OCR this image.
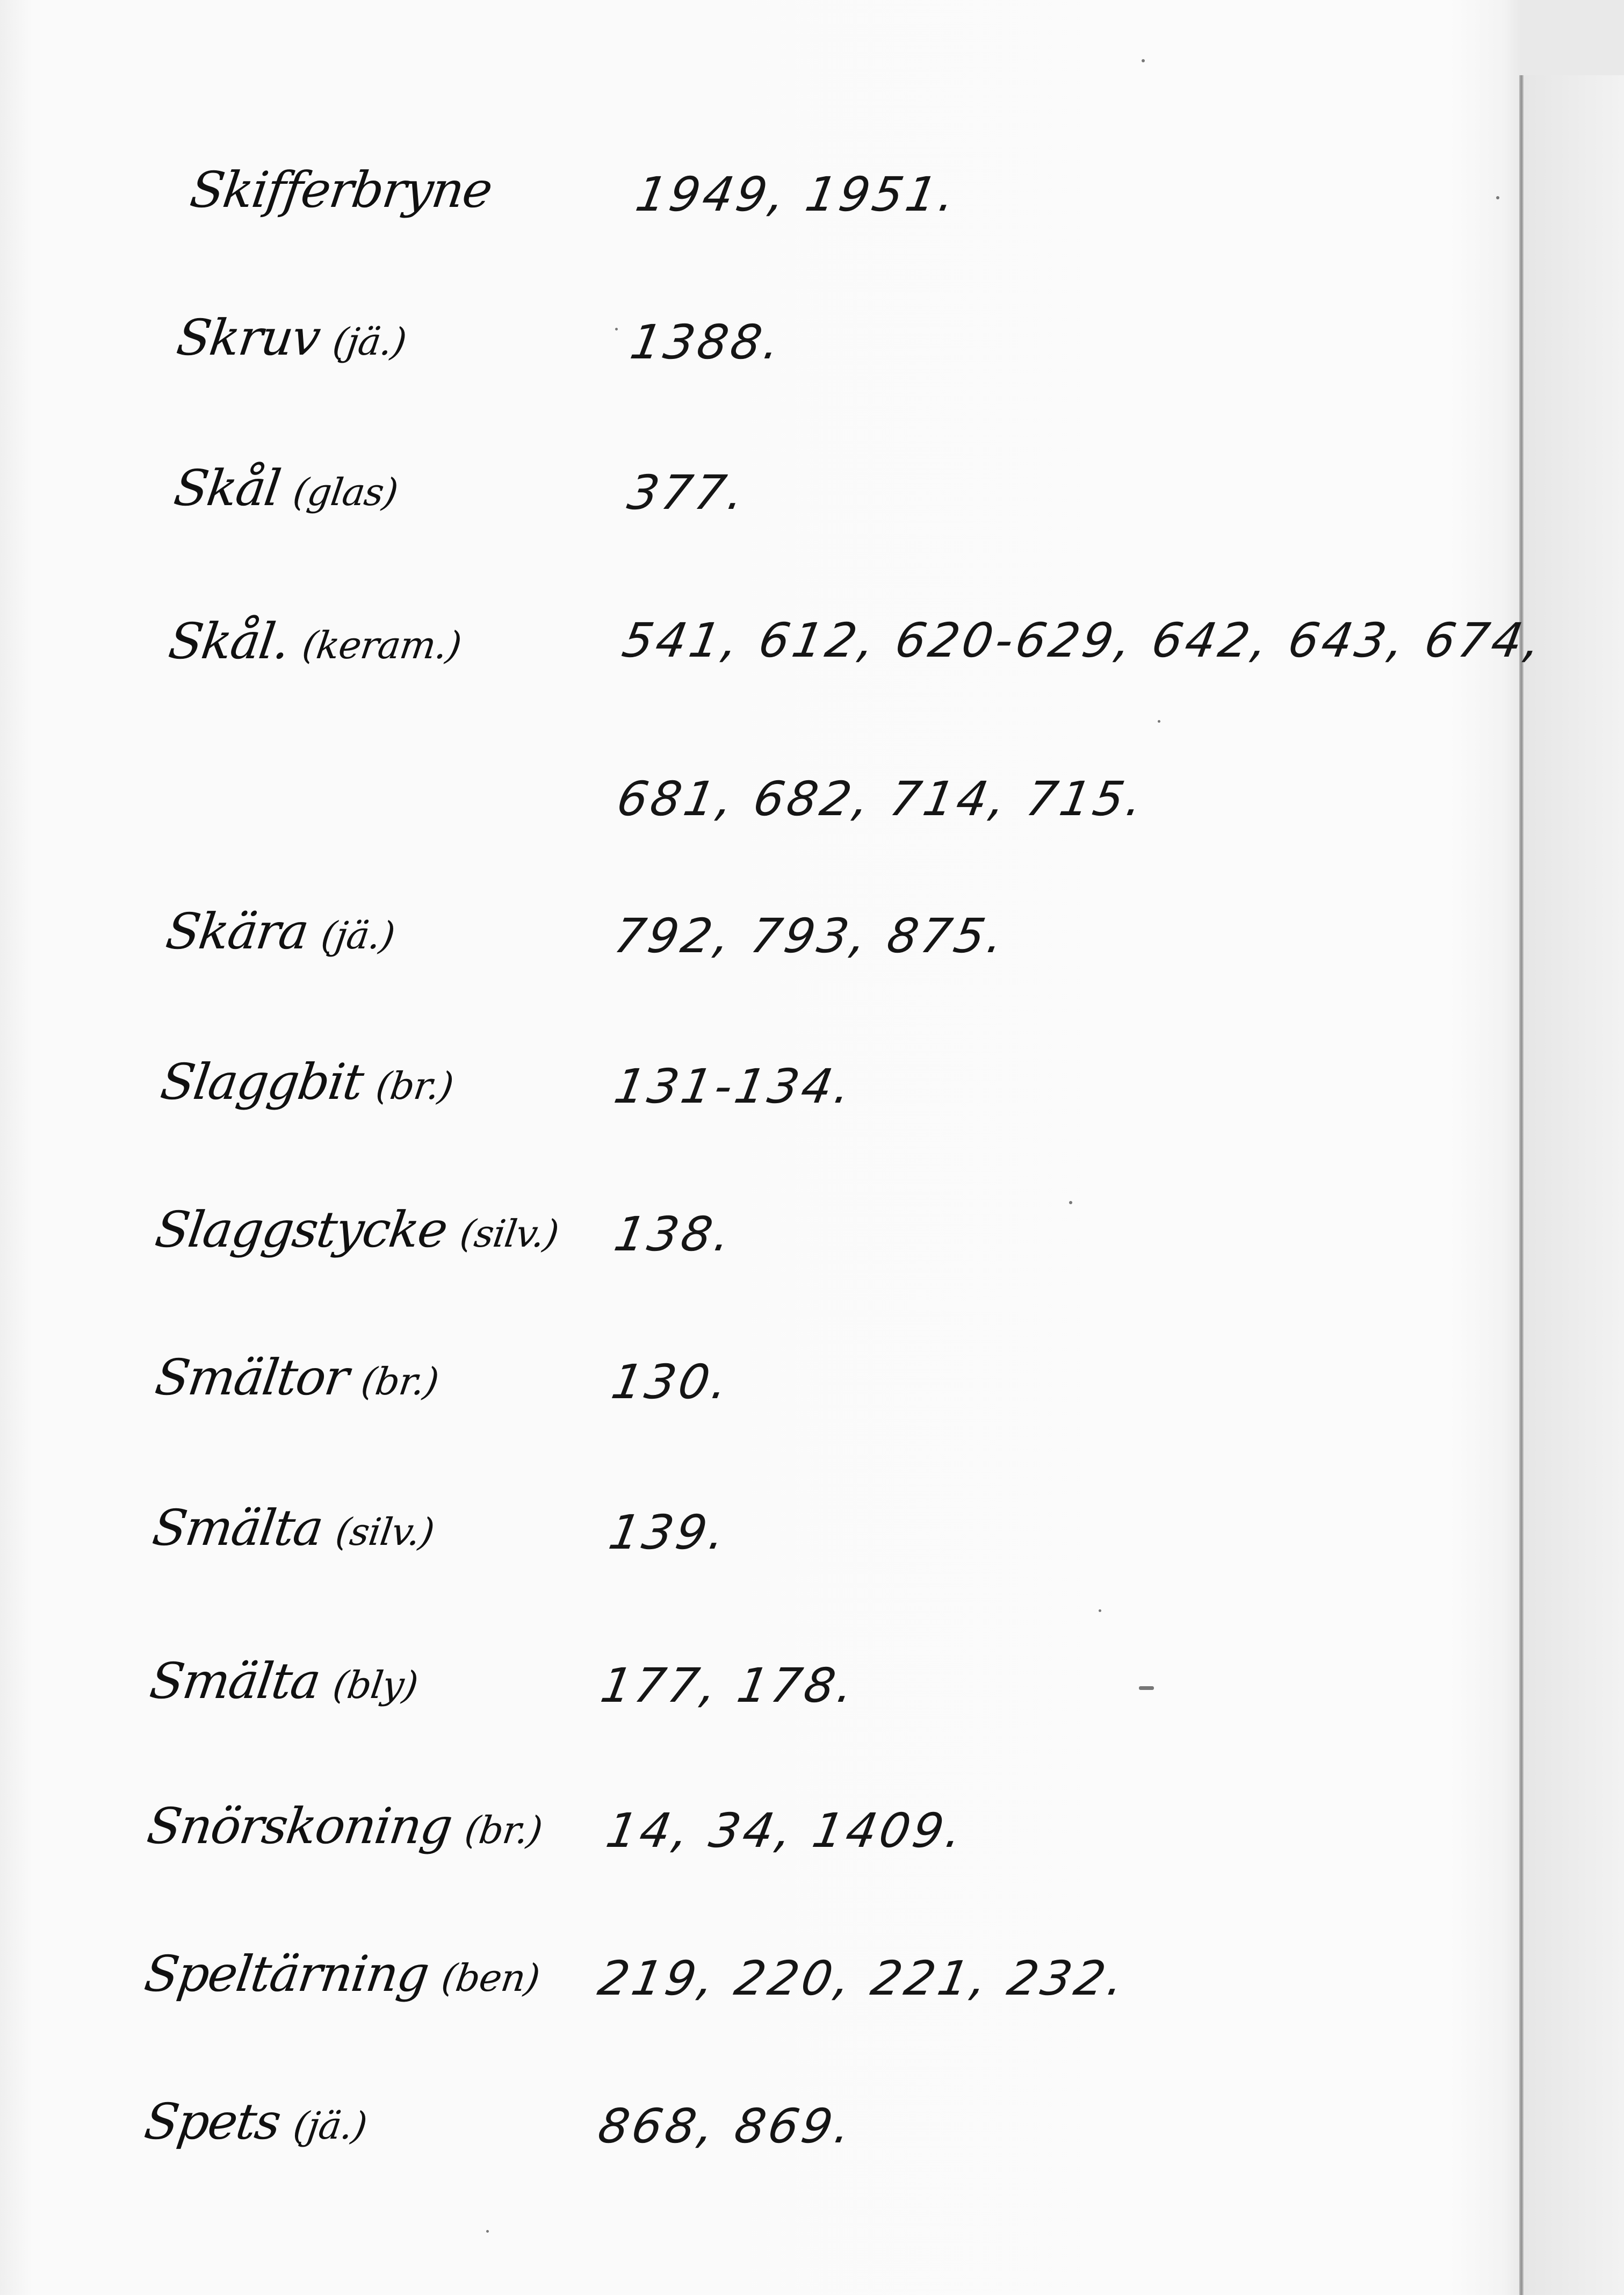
Skifferbryne	1949, 1951.
Skruv (jä.)	1388.
Skål (glas)	377.
Skål. (keram.)	541, 612, 620-629, 642, 643, 674,
681, 682, 714, 715.
Skära (jä.)	792, 793, 875.
Slaggbit (br.)	131-134.
Slaggstycke (silv.) 138.
Smältor (br.)	130.
Smälta (silv.)	139.
Smälta (bly)	177, 178.
Snörskoning (br.) 14, 34, 1409.
Speltärning (ben) 219, 220, 221, 232.
Spets (jä.)	868, 869.
